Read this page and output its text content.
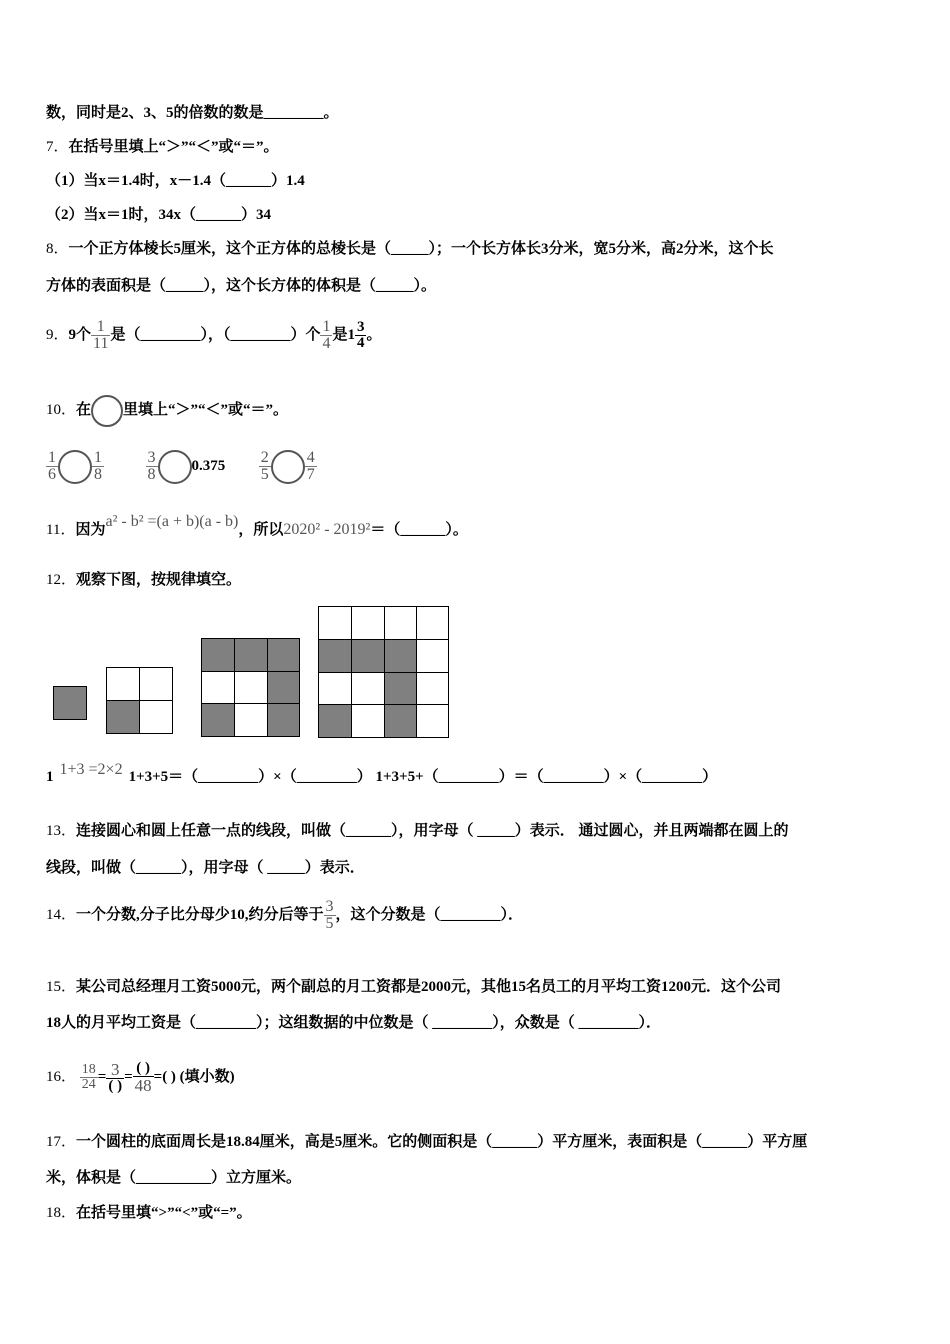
数，同时是2、3、5的倍数的数是________。
7．在括号里填上“＞”“＜”或“＝”。
（1）当x＝1.4时，x－1.4（______）1.4
（2）当x＝1时，34x（______）34
8．一个正方体棱长5厘米，这个正方体的总棱长是（_____）；一个长方体长3分米，宽5分米，高2分米，这个长
方体的表面积是（_____），这个长方体的体积是（_____）。
9．9个 $\frac{1}{11}$ 是（________），（________）个 $\frac{1}{4}$ 是$1 \frac{3}{4}$ 。
10．在 里填上“＞”“＜”或“＝”。
$\frac{1}{6} \frac{1}{8}$
	$\frac{3}{8} 0.375 \frac{2}{5} \frac{4}{7}$
11．因为a² - b² =(a + b)(a - b)，所以2020² - 2019²＝（______）。
12．观察下图，按规律填空。
1 1+3 =2×2 1+3+5＝（________）×（________） 1+3+5+（________）＝（________）×（________）
13．连接圆心和圆上任意一点的线段，叫做（______），用字母（ _____）表示． 通过圆心，并且两端都在圆上的
线段，叫做（______），用字母（ _____）表示．
14．一个分数,分子比分母少10,约分后等于 $\frac{3}{5}$ ，这个分数是（________）．
15．某公司总经理月工资5000元，两个副总的月工资都是2000元，其他15名员工的月平均工资1200元．这个公司
18人的月平均工资是（________）；这组数据的中位数是（ ________），众数是（ ________）．
16． $\frac{18}{24} = \frac{3}{( )} = \frac{( )}{48}$ =( ) (填小数)
17．一个圆柱的底面周长是18.84厘米，高是5厘米。它的侧面积是（______）平方厘米，表面积是（______）平方厘
米，体积是（__________）立方厘米。
18．在括号里填“>”“<”或“=”。
